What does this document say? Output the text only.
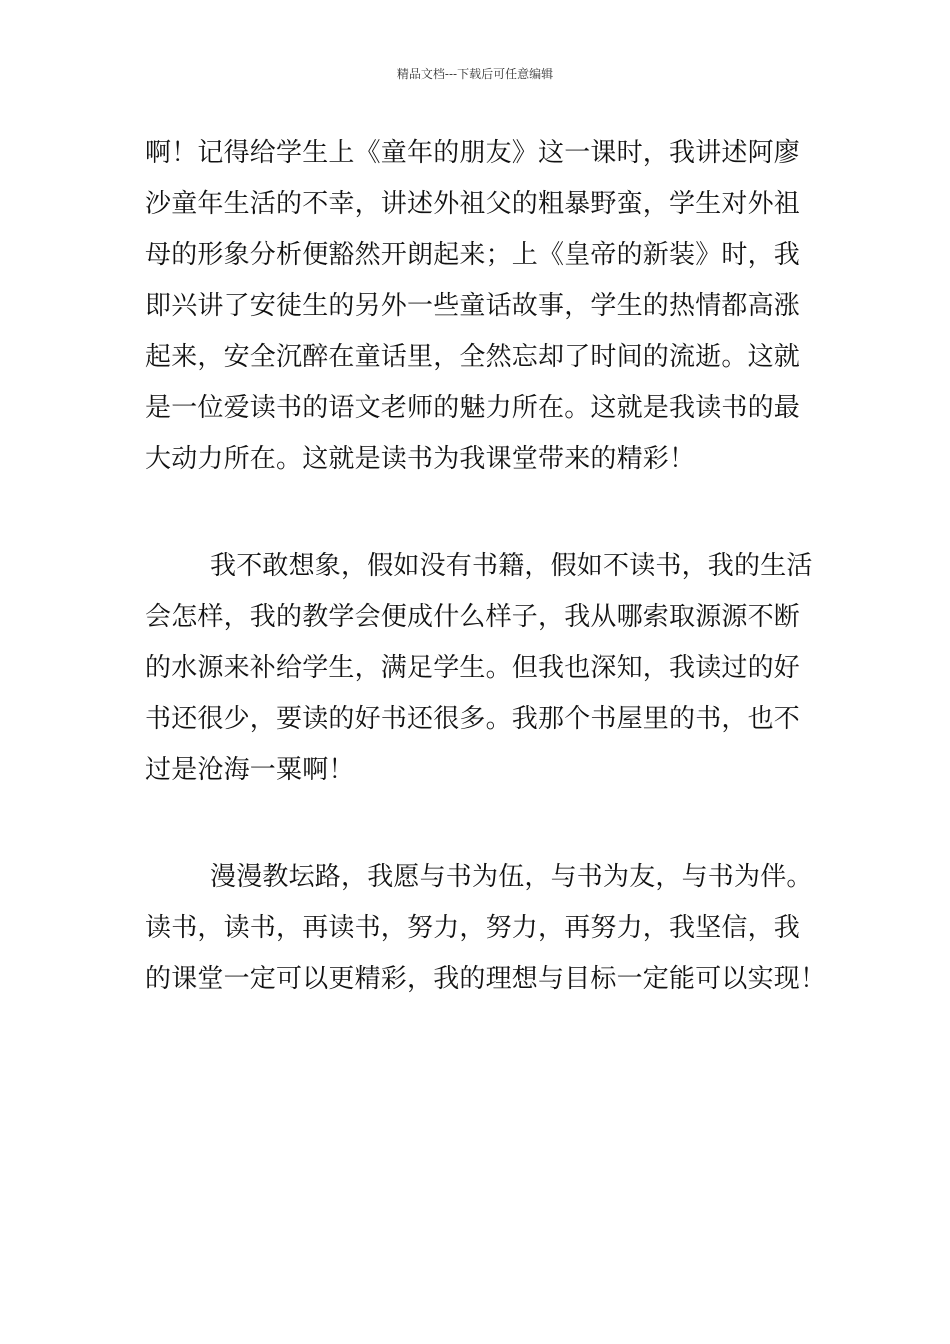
精品文档---下载后可任意编辑
啊！记得给学生上《童年的朋友》这一课时，我讲述阿廖
沙童年生活的不幸，讲述外祖父的粗暴野蛮，学生对外祖
母的形象分析便豁然开朗起来；上《皇帝的新装》时，我
即兴讲了安徒生的另外一些童话故事，学生的热情都高涨
起来，安全沉醉在童话里，全然忘却了时间的流逝。这就
是一位爱读书的语文老师的魅力所在。这就是我读书的最
大动力所在。这就是读书为我课堂带来的精彩！
我不敢想象，假如没有书籍，假如不读书，我的生活
会怎样，我的教学会便成什么样子，我从哪索取源源不断
的水源来补给学生，满足学生。但我也深知，我读过的好
书还很少，要读的好书还很多。我那个书屋里的书，也不
过是沧海一粟啊！
漫漫教坛路，我愿与书为伍，与书为友，与书为伴。
读书，读书，再读书，努力，努力，再努力，我坚信，我
的课堂一定可以更精彩，我的理想与目标一定能可以实现！
